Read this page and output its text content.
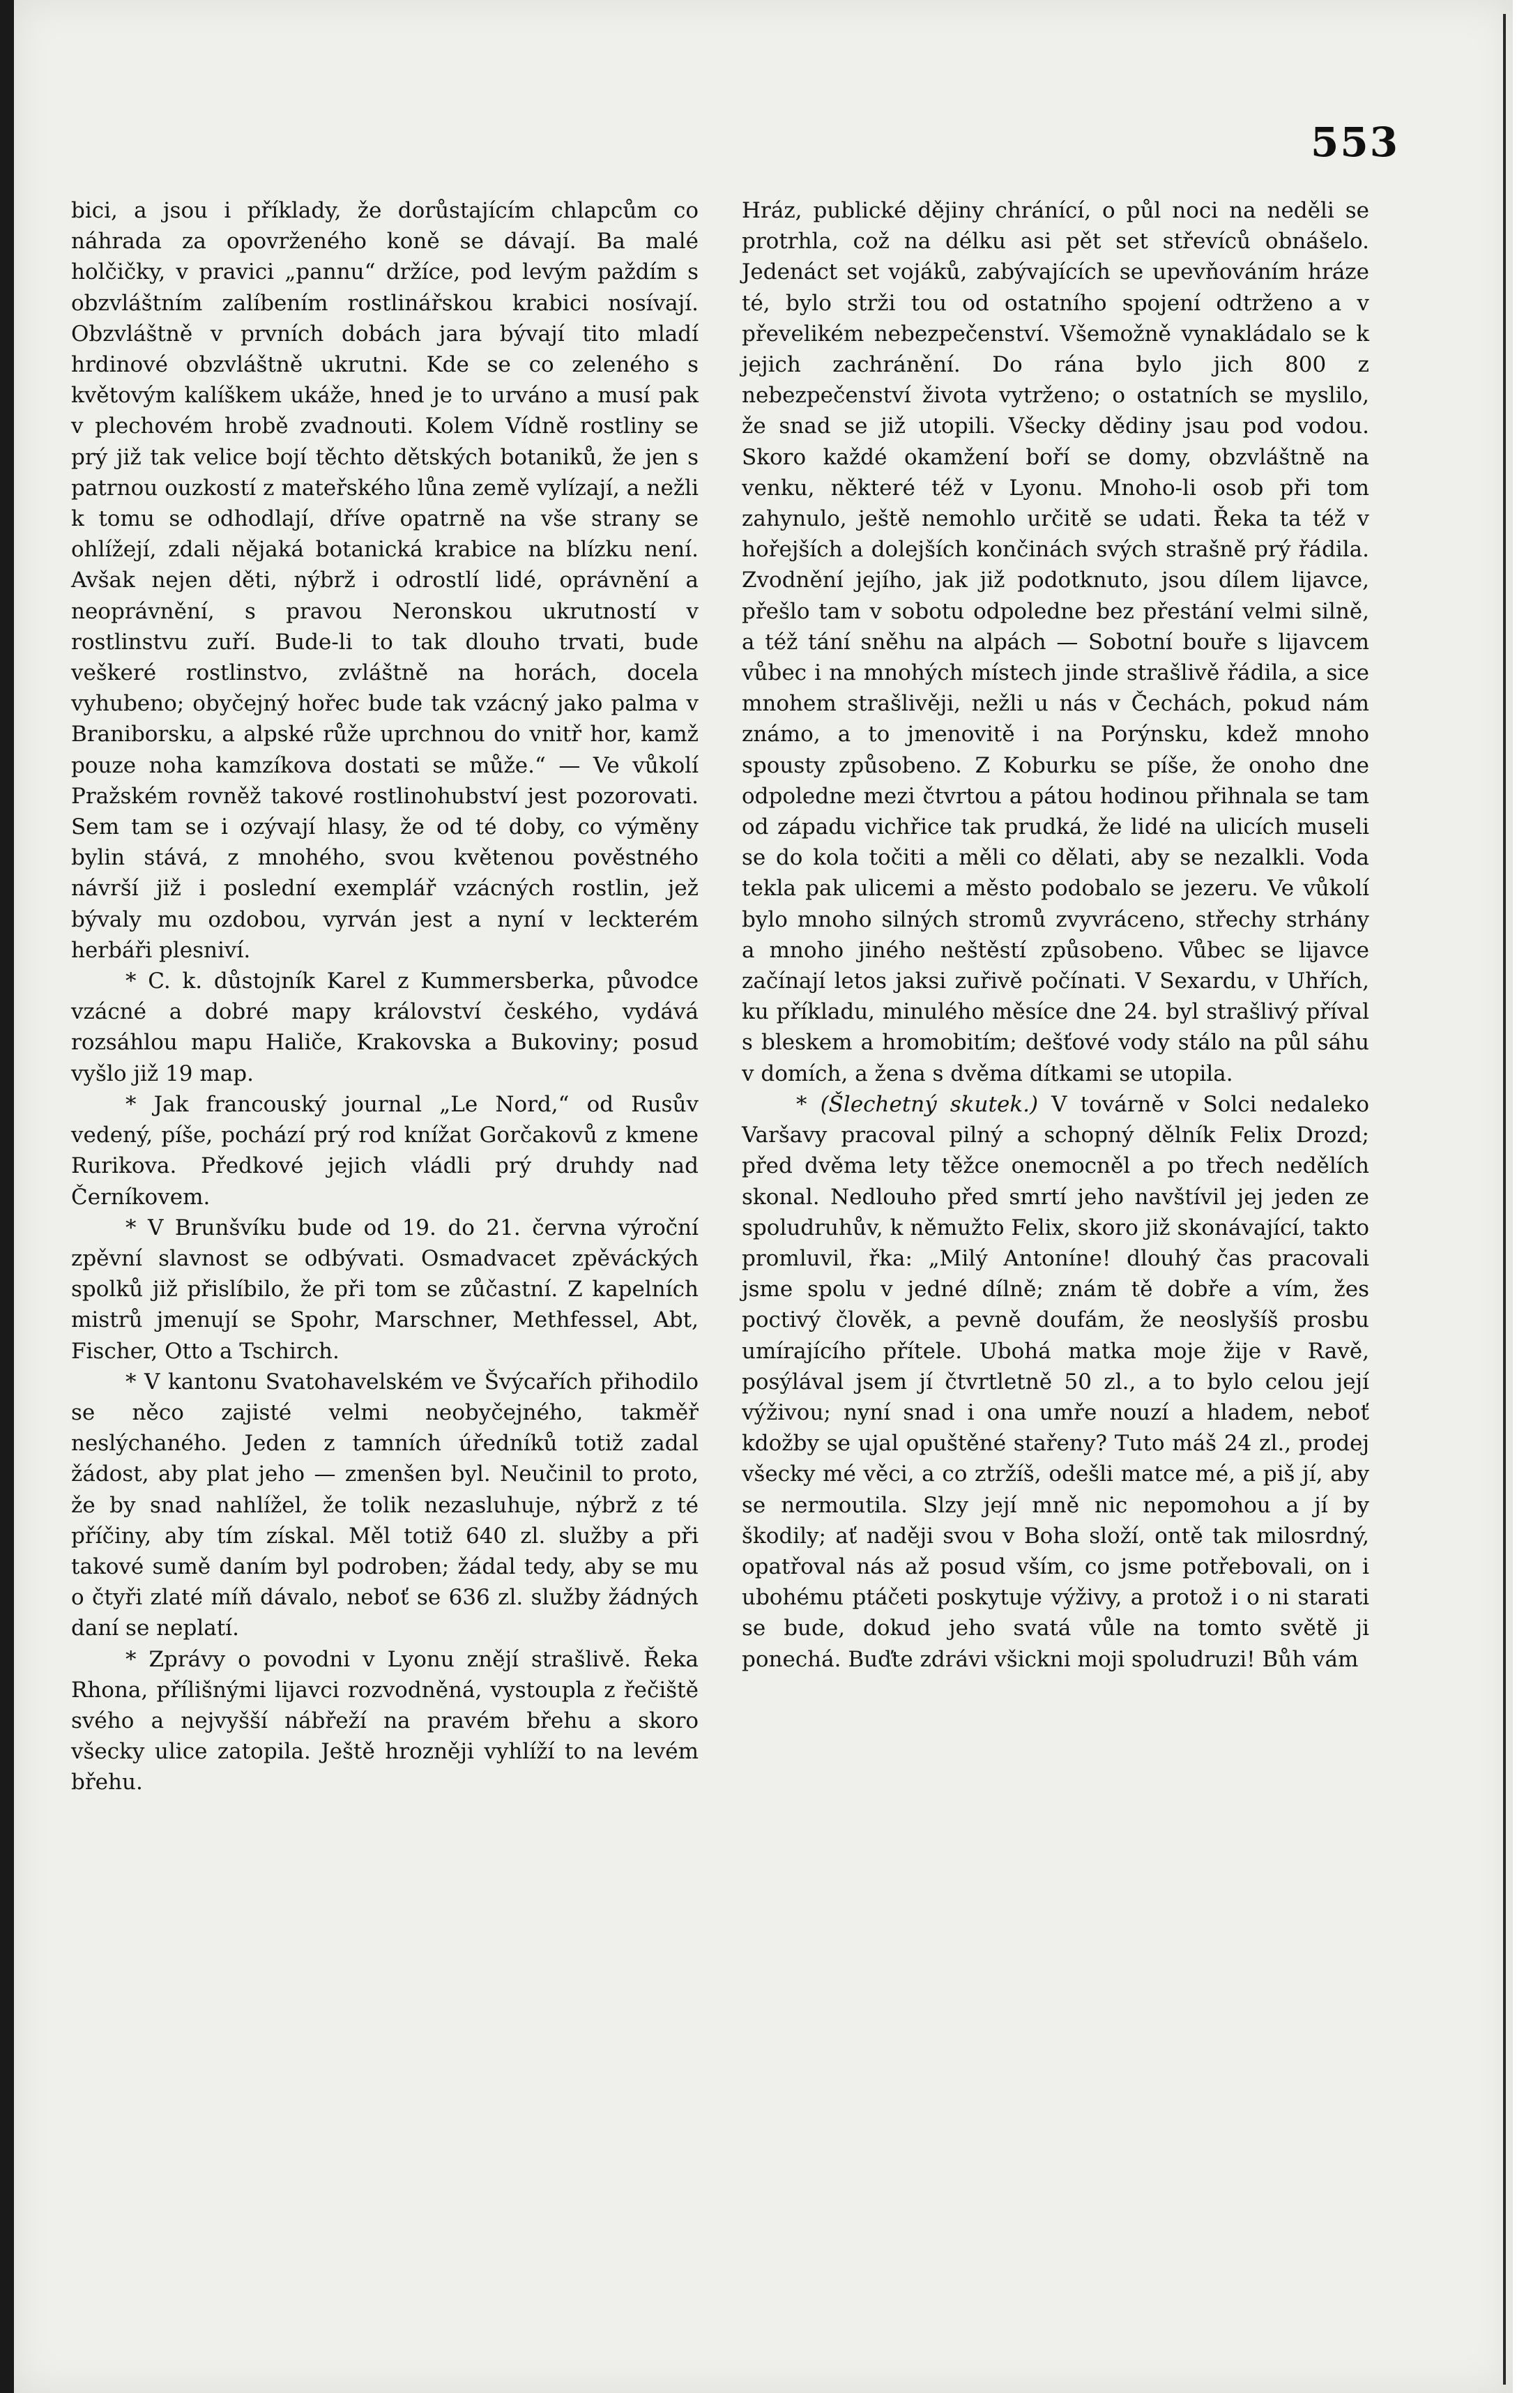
553

bici, a jsou i příklady, že dorůstajícím chlapcům co náhrada za opovrženého koně se dávají. Ba malé holčičky, v pravici „pannu“ držíce, pod levým paždím s obzvláštním zalíbením rostlinářskou krabici nosívají. Obzvláštně v prvních dobách jara bývají tito mladí hrdinové obzvláštně ukrutni. Kde se co zeleného s květovým kalíškem ukáže, hned je to urváno a musí pak v plechovém hrobě zvadnouti. Kolem Vídně rostliny se prý již tak velice bojí těchto dětských botaniků, že jen s patrnou ouzkostí z mateřského lůna země vylízají, a nežli k tomu se odhodlají, dříve opatrně na vše strany se ohlížejí, zdali nějaká botanická krabice na blízku není. Avšak nejen děti, nýbrž i odrostlí lidé, oprávnění a neoprávnění, s pravou Neronskou ukrutností v rostlinstvu zuří. Bude-li to tak dlouho trvati, bude veškeré rostlinstvo, zvláštně na horách, docela vyhubeno; obyčejný hořec bude tak vzácný jako palma v Braniborsku, a alpské růže uprchnou do vnitř hor, kamž pouze noha kamzíkova dostati se může.“ — Ve vůkolí Pražském rovněž takové rostlinohubství jest pozorovati. Sem tam se i ozývají hlasy, že od té doby, co výměny bylin stává, z mnohého, svou květenou pověstného návrší již i poslední exemplář vzácných rostlin, jež bývaly mu ozdobou, vyrván jest a nyní v leckterém herbáři plesniví.

* C. k. důstojník Karel z Kummersberka, původce vzácné a dobré mapy království českého, vydává rozsáhlou mapu Haliče, Krakovska a Bukoviny; posud vyšlo již 19 map.

* Jak francouský journal „Le Nord,“ od Rusův vedený, píše, pochází prý rod knížat Gorčakovů z kmene Rurikova. Předkové jejich vládli prý druhdy nad Černíkovem.

* V Brunšvíku bude od 19. do 21. června výroční zpěvní slavnost se odbývati. Osmadvacet zpěváckých spolků již přislíbilo, že při tom se zůčastní. Z kapelních mistrů jmenují se Spohr, Marschner, Methfessel, Abt, Fischer, Otto a Tschirch.

* V kantonu Svatohavelském ve Švýcařích přihodilo se něco zajisté velmi neobyčejného, takměř neslýchaného. Jeden z tamních úředníků totiž zadal žádost, aby plat jeho — zmenšen byl. Neučinil to proto, že by snad nahlížel, že tolik nezasluhuje, nýbrž z té příčiny, aby tím získal. Měl totiž 640 zl. služby a při takové sumě daním byl podroben; žádal tedy, aby se mu o čtyři zlaté míň dávalo, neboť se 636 zl. služby žádných daní se neplatí.

* Zprávy o povodni v Lyonu znějí strašlivě. Řeka Rhona, přílišnými lijavci rozvodněná, vystoupla z řečiště svého a nejvyšší nábřeží na pravém břehu a skoro všecky ulice zatopila. Ještě hrozněji vyhlíží to na levém břehu.

Hráz, publické dějiny chránící, o půl noci na neděli se protrhla, což na délku asi pět set střevíců obnášelo. Jedenáct set vojáků, zabývajících se upevňováním hráze té, bylo strži tou od ostatního spojení odtrženo a v převelikém nebezpečenství. Všemožně vynakládalo se k jejich zachránění. Do rána bylo jich 800 z nebezpečenství života vytrženo; o ostatních se myslilo, že snad se již utopili. Všecky dědiny jsau pod vodou. Skoro každé okamžení boří se domy, obzvláštně na venku, některé též v Lyonu. Mnoho-li osob při tom zahynulo, ještě nemohlo určitě se udati. Řeka ta též v hořejších a dolejších končinách svých strašně prý řádila. Zvodnění jejího, jak již podotknuto, jsou dílem lijavce, přešlo tam v sobotu odpoledne bez přestání velmi silně, a též tání sněhu na alpách — Sobotní bouře s lijavcem vůbec i na mnohých místech jinde strašlivě řádila, a sice mnohem strašlivěji, nežli u nás v Čechách, pokud nám známo, a to jmenovitě i na Porýnsku, kdež mnoho spousty způsobeno. Z Koburku se píše, že onoho dne odpoledne mezi čtvrtou a pátou hodinou přihnala se tam od západu vichřice tak prudká, že lidé na ulicích museli se do kola točiti a měli co dělati, aby se nezalkli. Voda tekla pak ulicemi a město podobalo se jezeru. Ve vůkolí bylo mnoho silných stromů zvyvráceno, střechy strhány a mnoho jiného neštěstí způsobeno. Vůbec se lijavce začínají letos jaksi zuřivě počínati. V Sexardu, v Uhřích, ku příkladu, minulého měsíce dne 24. byl strašlivý příval s bleskem a hromobitím; dešťové vody stálo na půl sáhu v domích, a žena s dvěma dítkami se utopila.

* (Šlechetný skutek.) V továrně v Solci nedaleko Varšavy pracoval pilný a schopný dělník Felix Drozd; před dvěma lety těžce onemocněl a po třech nedělích skonal. Nedlouho před smrtí jeho navštívil jej jeden ze spoludruhův, k němužto Felix, skoro již skonávající, takto promluvil, řka: „Milý Antoníne! dlouhý čas pracovali jsme spolu v jedné dílně; znám tě dobře a vím, žes poctivý člověk, a pevně doufám, že neoslyšíš prosbu umírajícího přítele. Ubohá matka moje žije v Ravě, posýlával jsem jí čtvrtletně 50 zl., a to bylo celou její výživou; nyní snad i ona umře nouzí a hladem, neboť kdožby se ujal opuštěné stařeny? Tuto máš 24 zl., prodej všecky mé věci, a co ztržíš, odešli matce mé, a piš jí, aby se nermoutila. Slzy její mně nic nepomohou a jí by škodily; ať naději svou v Boha složí, ontě tak milosrdný, opatřoval nás až posud vším, co jsme potřebovali, on i ubohému ptáčeti poskytuje výživy, a protož i o ni starati se bude, dokud jeho svatá vůle na tomto světě ji ponechá. Buďte zdrávi všickni moji spoludruzi! Bůh vám
